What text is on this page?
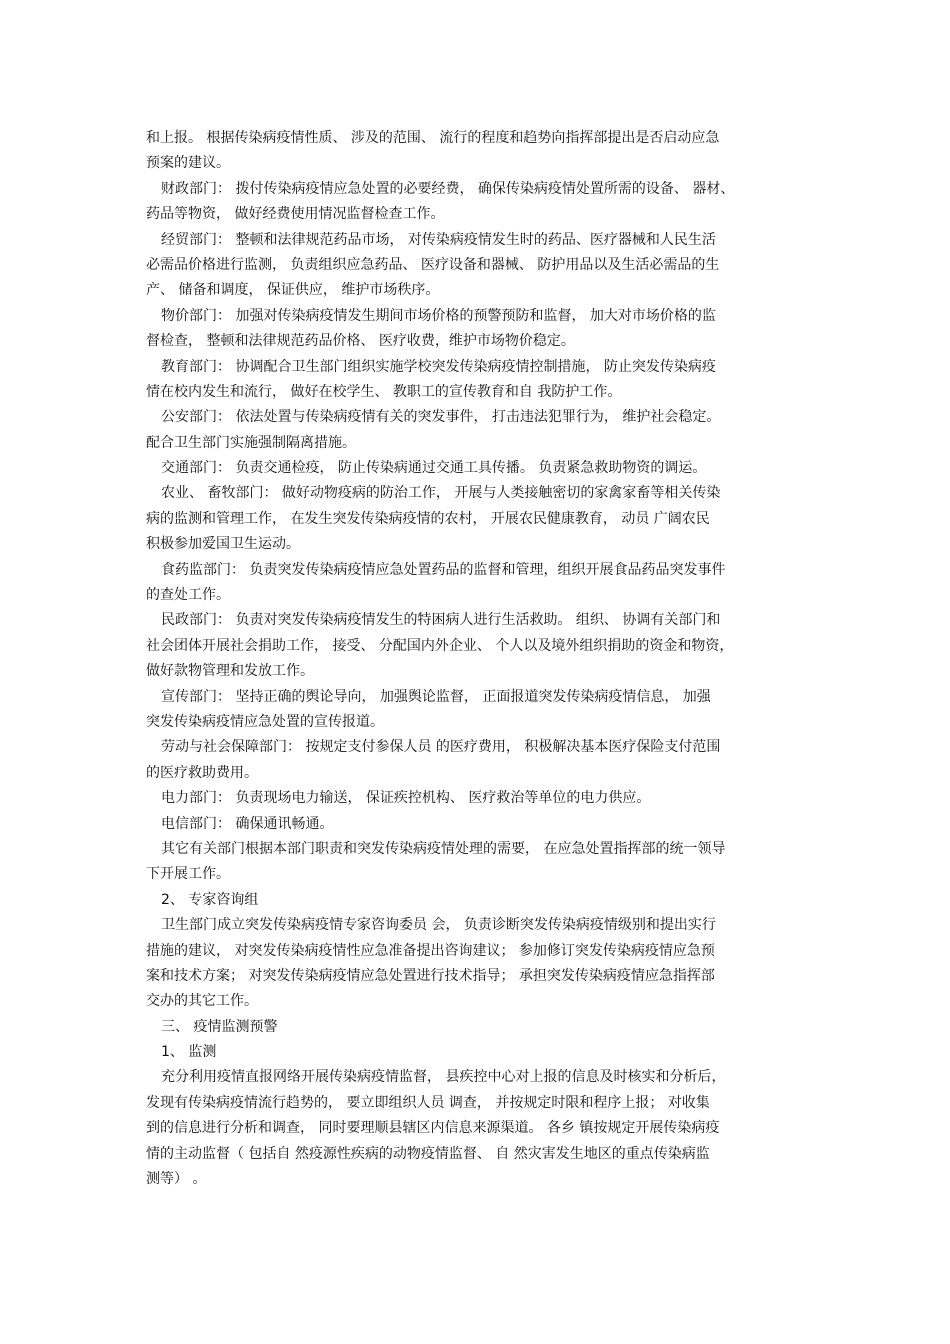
和上报。 根据传染病疫情性质、 涉及的范围、 流行的程度和趋势向指挥部提出是否启动应急

预案的建议。

财政部门： 拨付传染病疫情应急处置的必要经费， 确保传染病疫情处置所需的设备、 器材、

药品等物资， 做好经费使用情况监督检查工作。

经贸部门： 整顿和法律规范药品市场， 对传染病疫情发生时的药品、医疗器械和人民生活

必需品价格进行监测， 负责组织应急药品、 医疗设备和器械、 防护用品以及生活必需品的生

产、 储备和调度， 保证供应， 维护市场秩序。

物价部门： 加强对传染病疫情发生期间市场价格的预警预防和监督， 加大对市场价格的监

督检查， 整顿和法律规范药品价格、 医疗收费，维护市场物价稳定。

教育部门： 协调配合卫生部门组织实施学校突发传染病疫情控制措施， 防止突发传染病疫

情在校内发生和流行， 做好在校学生、 教职工的宣传教育和自 我防护工作。

公安部门： 依法处置与传染病疫情有关的突发事件， 打击违法犯罪行为， 维护社会稳定。

配合卫生部门实施强制隔离措施。

交通部门： 负责交通检疫， 防止传染病通过交通工具传播。 负责紧急救助物资的调运。

农业、 畜牧部门： 做好动物疫病的防治工作， 开展与人类接触密切的家禽家畜等相关传染

病的监测和管理工作， 在发生突发传染病疫情的农村， 开展农民健康教育， 动员 广阔农民

积极参加爱国卫生运动。

食药监部门： 负责突发传染病疫情应急处置药品的监督和管理，组织开展食品药品突发事件

的查处工作。

民政部门： 负责对突发传染病疫情发生的特困病人进行生活救助。 组织、 协调有关部门和

社会团体开展社会捐助工作， 接受、 分配国内外企业、 个人以及境外组织捐助的资金和物资，

做好款物管理和发放工作。

宣传部门： 坚持正确的舆论导向， 加强舆论监督， 正面报道突发传染病疫情信息， 加强

突发传染病疫情应急处置的宣传报道。

劳动与社会保障部门： 按规定支付参保人员 的医疗费用， 积极解决基本医疗保险支付范围

的医疗救助费用。

电力部门： 负责现场电力输送， 保证疾控机构、 医疗救治等单位的电力供应。

电信部门： 确保通讯畅通。

其它有关部门根据本部门职责和突发传染病疫情处理的需要， 在应急处置指挥部的统一领导

下开展工作。

2、 专家咨询组

卫生部门成立突发传染病疫情专家咨询委员 会， 负责诊断突发传染病疫情级别和提出实行

措施的建议， 对突发传染病疫情性应急准备提出咨询建议； 参加修订突发传染病疫情应急预

案和技术方案； 对突发传染病疫情应急处置进行技术指导； 承担突发传染病疫情应急指挥部

交办的其它工作。

三、 疫情监测预警

1、 监测

充分利用疫情直报网络开展传染病疫情监督， 县疾控中心对上报的信息及时核实和分析后，

发现有传染病疫情流行趋势的， 要立即组织人员 调查， 并按规定时限和程序上报； 对收集

到的信息进行分析和调查， 同时要理顺县辖区内信息来源渠道。 各乡 镇按规定开展传染病疫

情的主动监督（ 包括自 然疫源性疾病的动物疫情监督、 自 然灾害发生地区的重点传染病监

测等） 。
